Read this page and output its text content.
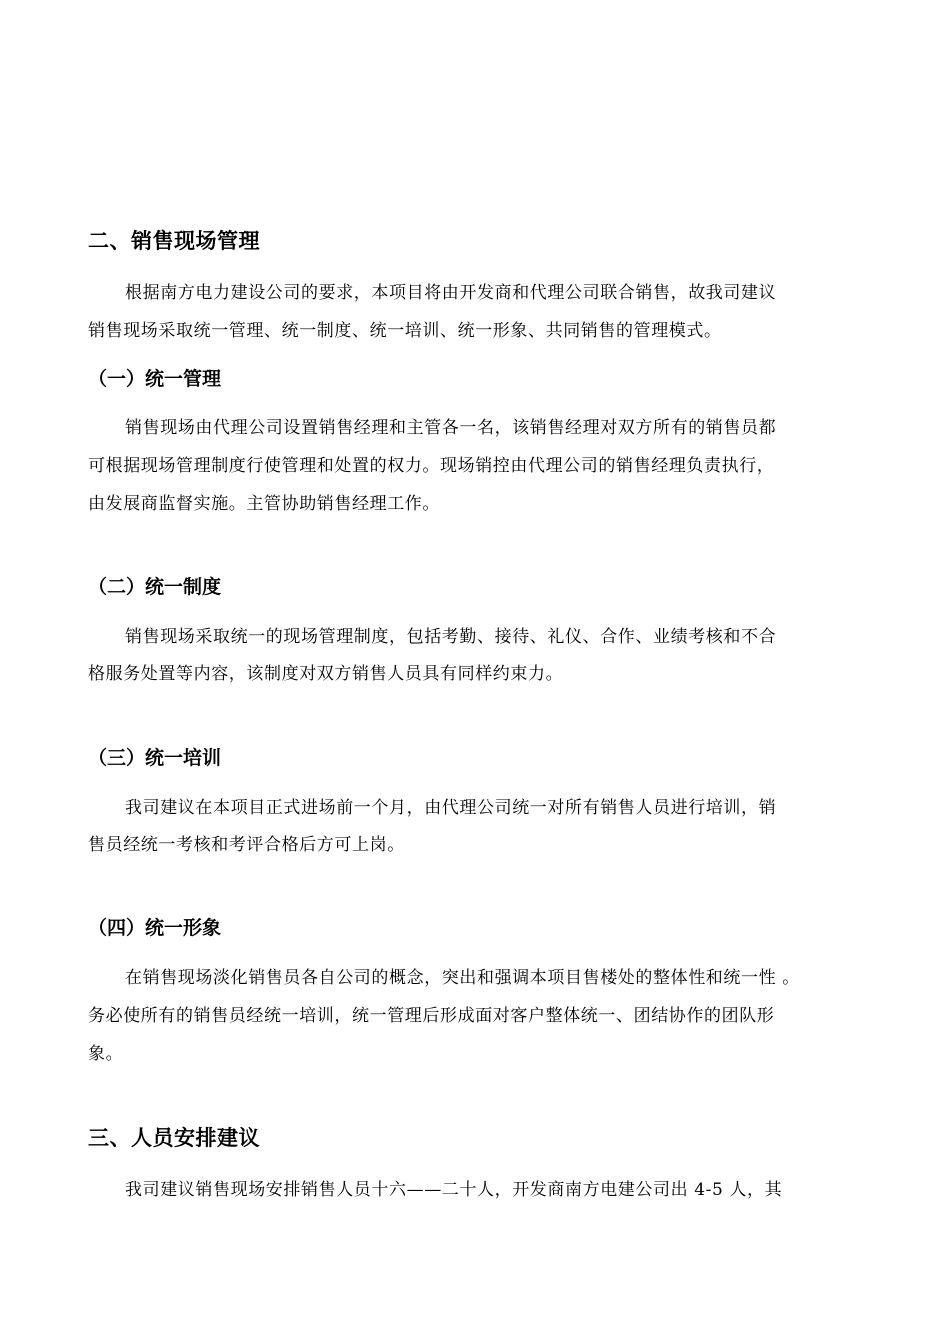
二、销售现场管理
根据南方电力建设公司的要求，本项目将由开发商和代理公司联合销售，故我司建议
销售现场采取统一管理、统一制度、统一培训、统一形象、共同销售的管理模式。
（一）统一管理
销售现场由代理公司设置销售经理和主管各一名，该销售经理对双方所有的销售员都
可根据现场管理制度行使管理和处置的权力。现场销控由代理公司的销售经理负责执行，
由发展商监督实施。主管协助销售经理工作。
（二）统一制度
销售现场采取统一的现场管理制度，包括考勤、接待、礼仪、合作、业绩考核和不合
格服务处置等内容，该制度对双方销售人员具有同样约束力。
（三）统一培训
我司建议在本项目正式进场前一个月，由代理公司统一对所有销售人员进行培训，销
售员经统一考核和考评合格后方可上岗。
（四）统一形象
在销售现场淡化销售员各自公司的概念，突出和强调本项目售楼处的整体性和统一性 。
务必使所有的销售员经统一培训，统一管理后形成面对客户整体统一、团结协作的团队形
象。
三、人员安排建议
我司建议销售现场安排销售人员十六——二十人，开发商南方电建公司出 4-5 人，其
